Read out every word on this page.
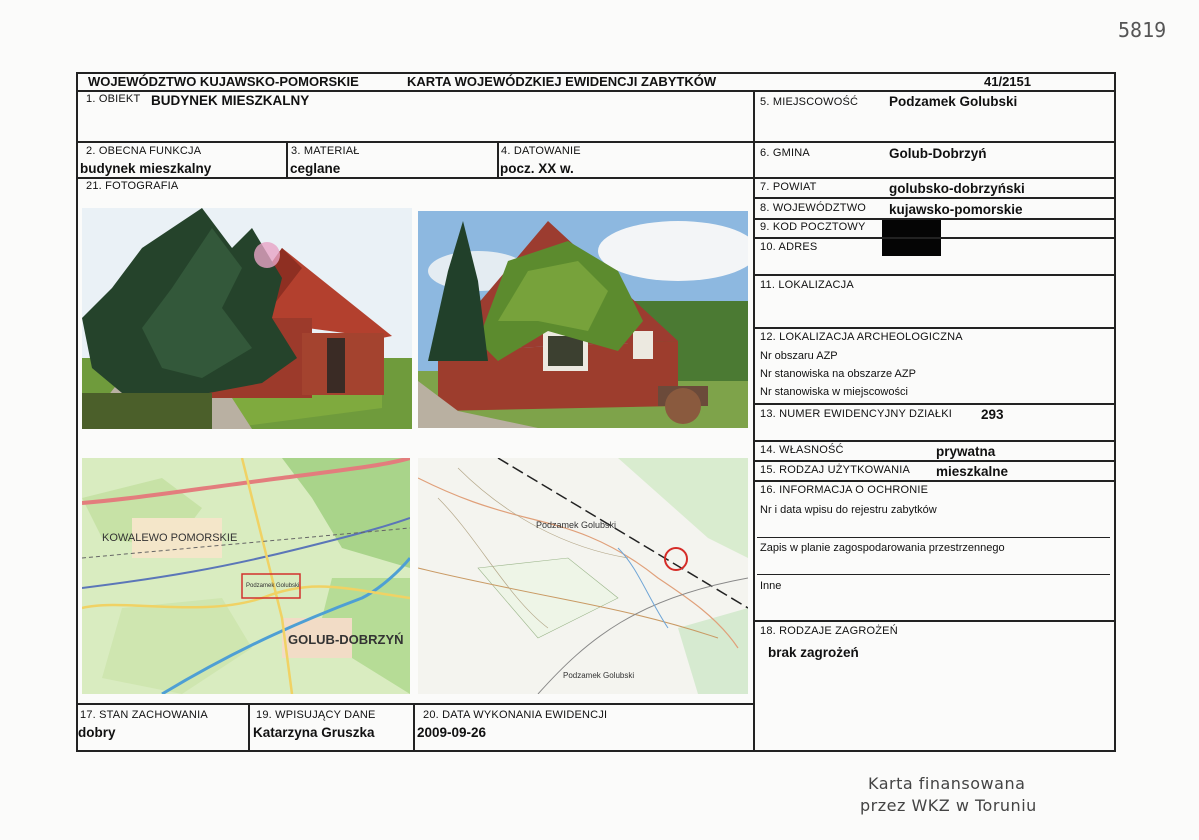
5819
WOJEWÓDZTWO KUJAWSKO-POMORSKIE	KARTA WOJEWÓDZKIEJ EWIDENCJI ZABYTKÓW	41/2151
1. OBIEKT BUDYNEK MIESZKALNY
2. OBECNA FUNKCJA
budynek mieszkalny
3. MATERIAŁ
ceglane
4. DATOWANIE
pocz. XX w.
21. FOTOGRAFIA
KOWALEWO POMORSKIE
GOLUB-DOBRZYŃ
Podzamek Golubski
Podzamek Golubski
Podzamek Golubski
17. STAN ZACHOWANIA
dobry
19. WPISUJĄCY DANE
Katarzyna Gruszka
20. DATA WYKONANIA EWIDENCJI
2009-09-26
5. MIEJSCOWOŚĆ Podzamek Golubski
6. GMINA	Golub-Dobrzyń
7. POWIAT	golubsko-dobrzyński
8. WOJEWÓDZTWO kujawsko-pomorskie
9. KOD POCZTOWY
10. ADRES
11. LOKALIZACJA
12. LOKALIZACJA ARCHEOLOGICZNA
Nr obszaru AZP
Nr stanowiska na obszarze AZP
Nr stanowiska w miejscowości
13. NUMER EWIDENCYJNY DZIAŁKI 293
14. WŁASNOŚĆ	prywatna
15. RODZAJ UŻYTKOWANIA mieszkalne
16. INFORMACJA O OCHRONIE
Nr i data wpisu do rejestru zabytków
Zapis w planie zagospodarowania przestrzennego
Inne
18. RODZAJE ZAGROŻEŃ
brak zagrożeń
Karta finansowana
przez WKZ w Toruniu
